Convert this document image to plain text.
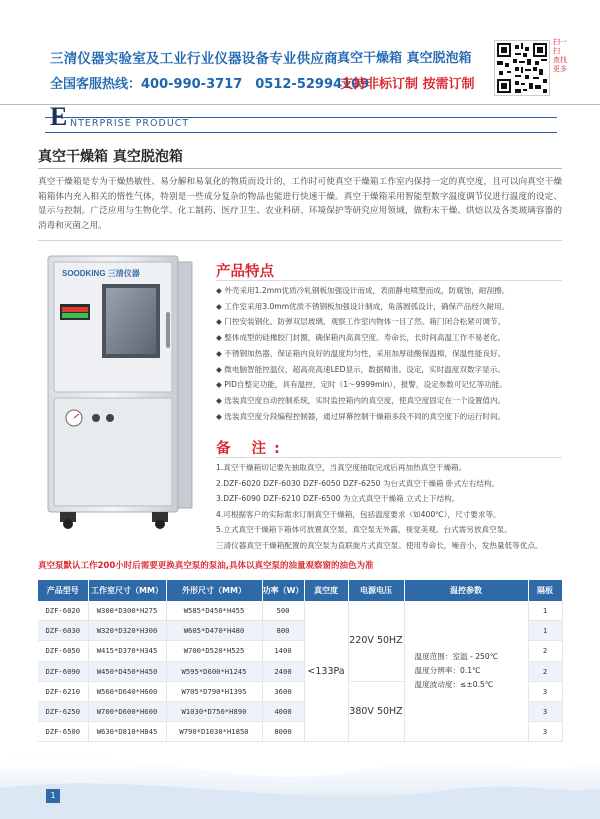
三清仪器实验室及工业行业仪器设备专业供应商
全国客服热线：400-990-3717　0512-52994109
真空干燥箱 真空脱泡箱
支持非标订制 按需订制
扫一扫 查找更多
E NTERPRISE PRODUCT
真空干燥箱 真空脱泡箱
真空干燥箱是专为干燥热敏性、易分解和易氧化的物质而设计的，工作时可使真空干燥箱工作室内保持一定的真空度，且可以向真空干燥箱箱体内充入相关的惰性气体，特别是一些成分复杂的物品也能进行快速干燥。真空干燥箱采用智能型数字温度调节仪进行温度的设定、显示与控制。广泛应用与生物化学、化工制药、医疗卫生、农业科研、环境保护等研究应用领域，做粉末干燥、烘焙以及各类玻璃容器的消毒和灭菌之用。
SOODKING 三清仪器	产品特点
◆ 外壳采用1.2mm优质冷轧钢板加强设计而成，表面静电喷塑而成，防腐蚀，耐刮擦。
◆ 工作室采用3.0mm优质不锈钢板加强设计制成，角落圆弧设计，确保产品经久耐用。
◆ 门控安装钢化、防弹双层玻璃，观察工作室内物体一目了然。箱门闭合松紧可调节。
◆ 整体成型的硅橡胶门封圈，确保箱内高真空度。寿命长，长时间高温工作不易老化。
◆ 不锈钢加热器，保证箱内良好的温度均匀性，采用加厚硅酸保温棉，保温性能良好。
◆ 微电脑智能控温仪，超高亮高速LED显示，数据精准。设定，实时温度双数字显示。
◆ PID自整定功能，具有温控，定时（1～9999min），报警，设定参数可记忆等功能。
◆ 选装真空度自动控制系统，实时监控箱内的真空度，使真空度固定在一个设置值内。
◆ 选装真空度分段编程控制器，通过屏幕控制干燥箱多段不同的真空度下的运行时间。
备 注:
1.真空干燥箱切记要先抽取真空，当真空度抽取完成后再加热真空干燥箱。
2.DZF-6020 DZF-6030 DZF-6050 DZF-6250 为台式真空干燥箱 卧式左右结构。
3.DZF-6090 DZF-6210 DZF-6500 为立式真空干燥箱 立式上下结构。
4.可根据客户的实际需求订制真空干燥箱，包括温度要求（如400℃），尺寸要求等。
5.立式真空干燥箱下箱体可放置真空泵，真空泵无外露，视觉美观。台式需另放真空泵。
三清仪器真空干燥箱配置的真空泵为直联旋片式真空泵。使用寿命长，噪音小，发热量低等优点。
真空泵默认工作200小时后需要更换真空泵的泵油,具体以真空泵的油量观察窗的油色为准
产品型号	工作室尺寸（MM）	外形尺寸（MM）	功率（W）	真空度	电源电压	温控参数	隔板
DZF-6020	W300*D300*H275	W585*D450*H455	500	<133Pa	220V 50HZ	温度范围：室温 - 250℃
温度分辨率：0.1℃
温度波动度：≤±0.5℃	1
DZF-6030	W320*D320*H300	W605*D470*H480	800				1
DZF-6050	W415*D370*H345	W700*D520*H525	1400				2
DZF-6090	W450*D450*H450	W595*D600*H1245	2400				2
DZF-6210	W560*D640*H600	W705*D790*H1395	3600		380V 50HZ		3
DZF-6250	W700*D600*H600	W1030*D750*H890	4000				3
DZF-6500	W630*D810*H845	W790*D1030*H1850	8000				3
1
